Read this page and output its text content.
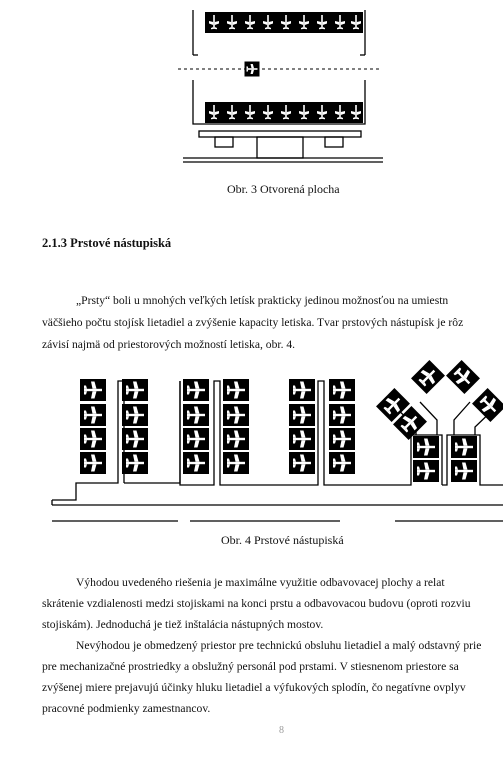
Obr. 3 Otvorená plocha
2.1.3 Prstové nástupiská
„Prsty“ boli u mnohých veľkých letísk prakticky jedinou možnosťou na umiestn
väčšieho počtu stojísk lietadiel a zvýšenie kapacity letiska. Tvar prstových nástupísk je rôz
závisí najmä od priestorových možností letiska, obr. 4.
Obr. 4 Prstové nástupiská
Výhodou uvedeného riešenia je maximálne využitie odbavovacej plochy a relat
skrátenie vzdialenosti medzi stojiskami na konci prstu a odbavovacou budovu (oproti rozviu
stojiskám). Jednoduchá je tiež inštalácia nástupných mostov.
Nevýhodou je obmedzený priestor pre technickú obsluhu lietadiel a malý odstavný prie
pre mechanizačné prostriedky a obslužný personál pod prstami. V stiesnenom priestore sa
zvýšenej miere prejavujú účinky hluku lietadiel a výfukových splodín, čo negatívne ovplyv
pracovné podmienky zamestnancov.
8
